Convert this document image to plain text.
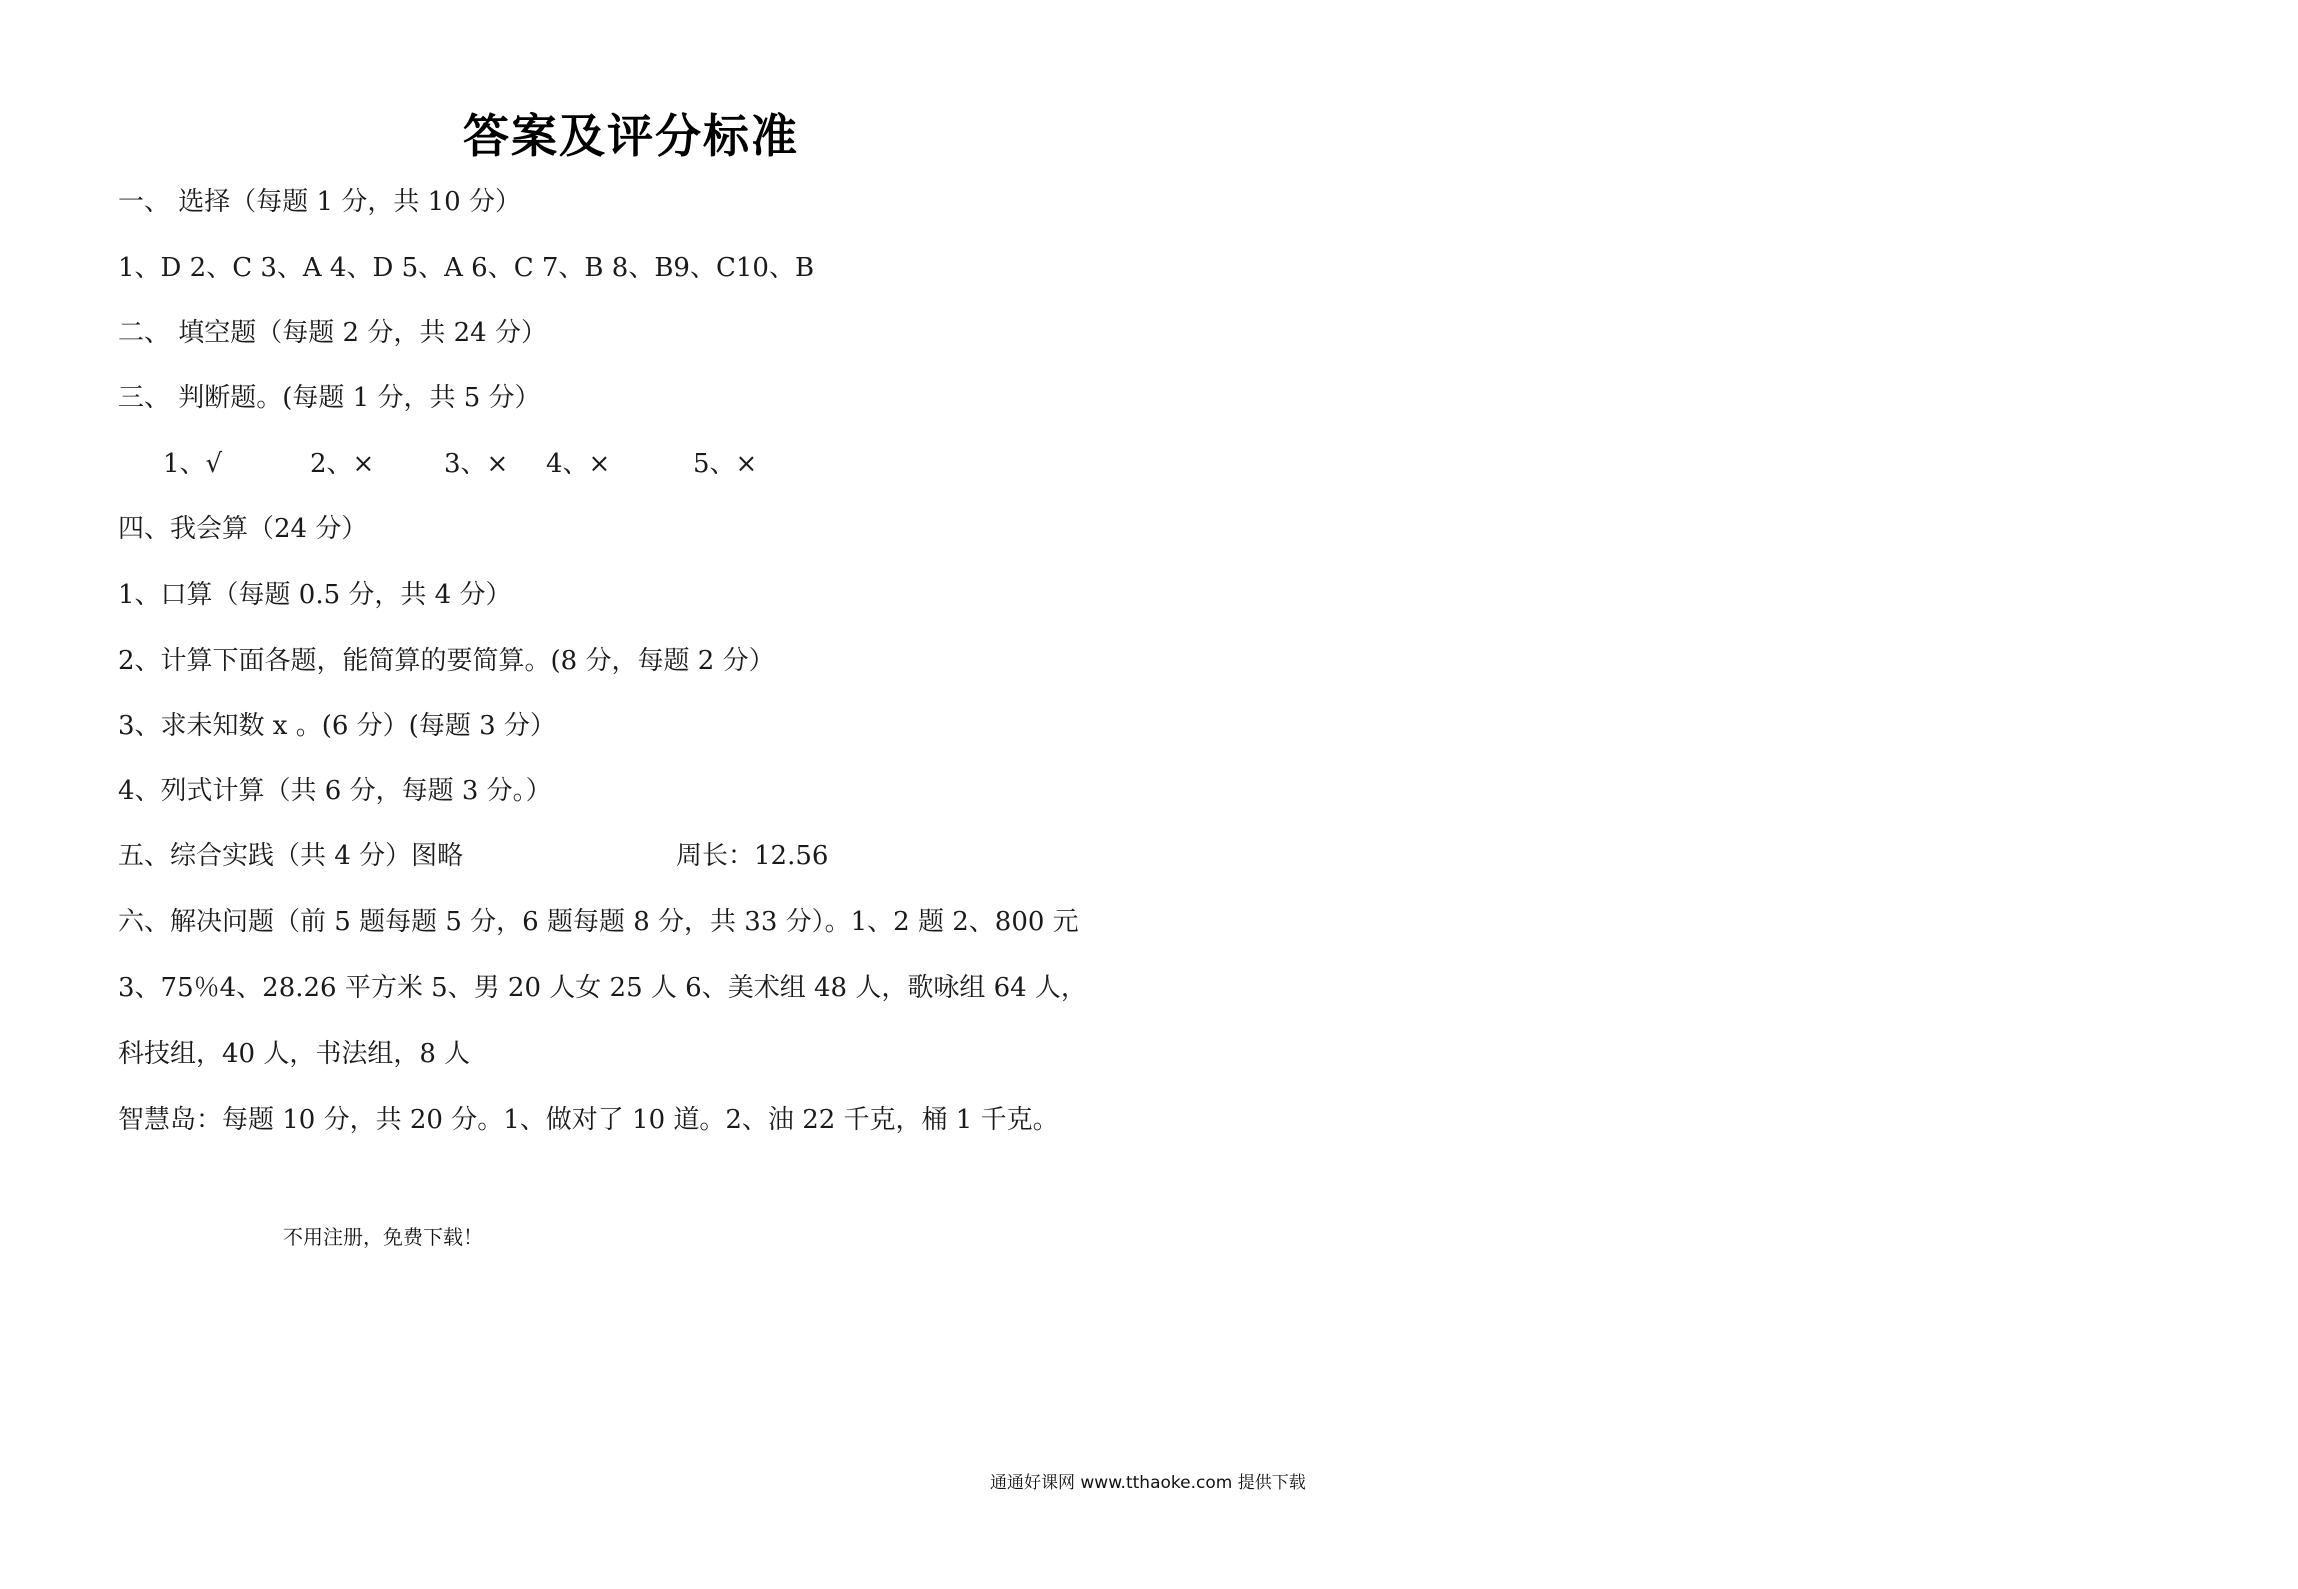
答案及评分标准
一、 选择（每题 1 分，共 10 分）
1、D 2、C 3、A 4、D 5、A 6、C 7、B 8、B9、C10、B
二、 填空题（每题 2 分，共 24 分）
三、 判断题。(每题 1 分，共 5 分）
1、√	2、×	3、× 4、×	5、×
四、我会算（24 分）
1、口算（每题 0.5 分，共 4 分）
2、计算下面各题，能简算的要简算。(8 分，每题 2 分）
3、求未知数 x 。(6 分）(每题 3 分）
4、列式计算（共 6 分，每题 3 分。）
五、综合实践（共 4 分）图略	周长：12.56
六、解决问题（前 5 题每题 5 分，6 题每题 8 分，共 33 分）。1、2 题 2、800 元
3、75％4、28.26 平方米 5、男 20 人女 25 人 6、美术组 48 人，歌咏组 64 人，
科技组，40 人，书法组，8 人
智慧岛：每题 10 分，共 20 分。1、做对了 10 道。2、油 22 千克，桶 1 千克。
不用注册，免费下载！
通通好课网 www.tthaoke.com 提供下载
